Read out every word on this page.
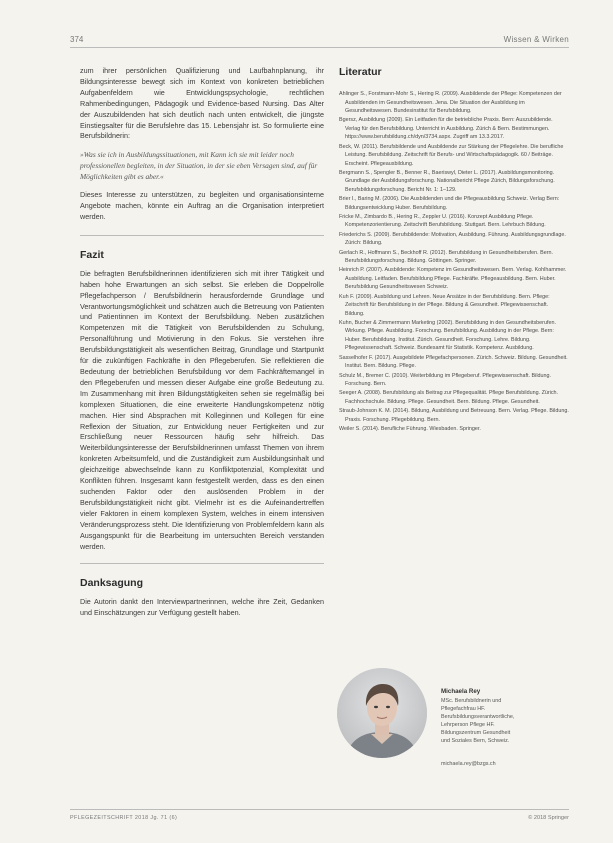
374	Wissen & Wirken

zum ihrer persönlichen Qualifizierung und Laufbahnplanung, ihr Bildungsinteresse bewegt sich im Kontext von konkreten betrieblichen Aufgabenfeldern wie Entwicklungspsychologie, rechtlichen Rahmenbedingungen, Pädagogik und Evidence-based Nursing. Das Alter der Auszubildenden hat sich deutlich nach unten entwickelt, die jüngste Einstiegsalter für die Berufslehre das 15. Lebensjahr ist. So formulierte eine Berufsbildnerin:

»Was sie ich in Ausbildungssituationen, mit Kann ich sie mit leider noch professionellen begleiten, in der Situation, in der sie eben Versagen sind, auf für Möglichkeiten gibt es aber.«

Dieses Interesse zu unterstützen, zu begleiten und organisationsinterne Angebote machen, könnte ein Auftrag an die Organisation interpretiert werden.

Fazit

Die befragten Berufsbildnerinnen identifizieren sich mit ihrer Tätigkeit und haben hohe Erwartungen an sich selbst. Sie erleben die Doppelrolle Pflegefachperson / Berufsbildnerin herausfordernde Grundlage und Verantwortungsmöglichkeit und schätzen auch die Betreuung von Patienten und Patientinnen im Kontext der Berufsbildung. Neben zusätzlichen Kompetenzen mit die Tätigkeit von Berufsbildenden zu Schulung, Personalführung und Motivierung in den Fokus. Sie verstehen ihre Berufsbildungstätigkeit als wesentlichen Beitrag, Grundlage und Startpunkt für die zukünftigen Fachkräfte in den Pflegeberufen. Sie reflektieren die Bedeutung der betrieblichen Berufsbildung vor dem Fachkräftemangel in den Pflegeberufen und messen dieser Aufgabe eine große Bedeutung zu. Im Zusammenhang mit ihren Bildungstätigkeiten sehen sie regelmäßig bei komplexen Situationen, die eine erweiterte Handlungskompetenz nötig machen. Hier sind Absprachen mit Kolleginnen und Kollegen für eine Reflexion der Situation, zur Entwicklung neuer Fertigkeiten und zur Erschließung neuer Ressourcen häufig sehr hilfreich. Das Weiterbildungsinteresse der Berufsbildnerinnen umfasst Themen von ihrem konkreten Arbeitsumfeld, und die Zuständigkeit zum Ausbildungsinhalt und gleichzeitige abwechselnde kann zu Konfliktpotenzial, Komplexität und Konflikten führen. Insgesamt kann festgestellt werden, dass es den einen suchenden Faktor oder den auslösenden Problem in der Berufsbildungstätigkeit nicht gibt. Vielmehr ist es die Aufeinandertreffen vieler Faktoren in einem komplexen System, welches in einem intensiven Veränderungsprozess steht. Die Identifizierung von Problemfeldern kann als Ausgangspunkt für die Bearbeitung im untersuchten Bereich verstanden werden.

Danksagung

Die Autorin dankt den Interviewpartnerinnen, welche ihre Zeit, Gedanken und Einschätzungen zur Verfügung gestellt haben.

Literatur
Ahlinger S., Forstmann-Mohr S., Hering R. (2009). Ausbildende der Pflege: Kompetenzen der Ausbildenden im Gesundheitswesen. Jena. Die Situation der Ausbildung im Gesundheitswesen. Bundesinstitut für Berufsbildung.
Bgersz, Ausbildung (2009). Ein Leitfaden für die betriebliche Praxis. Bern: Auszubildende. Verlag für den Berufsbildung. Unterricht in Ausbildung. Zürich & Bern. Bestimmungen. https://www.berufsbildung.ch/dyn/3734.aspx. Zugriff am 13.3.2017.
Beck, W. (2011). Berufsbildende und Ausbildende zur Stärkung der Pflegelehre. Die berufliche Leistung. Berufsbildung. Zeitschrift für Berufs- und Wirtschaftspädagogik. 60 / Beiträge. Erscheint. Pflegeausbildung.
Bergmann S., Spengler B., Benner R., Baeriswyl, Dieter L. (2017). Ausbildungsmonitoring. Grundlage der Ausbildungsforschung. Nationalbericht Pflege Zürich, Bildungsforschung. Berufsbildungsforschung. Bericht Nr. 1: 1–129.
Brier I., Baring M. (2006). Die Ausbildenden und die Pflegeausbildung Schweiz. Verlag Bern: Bildungsentwicklung Huber. Berufsbildung.
Fricke M., Zimbardo B., Hering R., Zeppler U. (2016). Konzept Ausbildung Pflege. Kompetenzorientierung. Zeitschrift Berufsbildung. Stuttgart. Bern. Lehrbuch Bildung.
Friederichs S. (2009). Berufsbildende: Motivation, Ausbildung. Führung. Ausbildungsgrundlage. Zürich: Bildung.
Gerlach R., Hoffmann S., Beckhoff R. (2012). Berufsbildung in Gesundheitsberufen. Bern. Berufsbildungsforschung. Bildung. Göttingen. Springer.
Heinrich P. (2007). Ausbildende: Kompetenz im Gesundheitswesen. Bern. Verlag. Kohlhammer. Ausbildung. Leitfaden. Berufsbildung Pflege. Fachkräfte. Pflegeausbildung. Bern. Huber. Berufsbildung Gesundheitswesen Schweiz.
Kuh F. (2009). Ausbildung und Lehren. Neue Ansätze in der Berufsbildung. Bern. Pflege: Zeitschrift für Berufsbildung in der Pflege. Bildung & Gesundheit. Pflegewissenschaft. Bildung.
Kuhn, Bucher & Zimmermann Marketing (2002). Berufsbildung in den Gesundheitsberufen. Wirkung. Pflege. Ausbildung. Forschung. Berufsbildung. Ausbildung in der Pflege. Bern: Huber. Berufsbildung. Institut. Zürich. Gesundheit. Forschung. Lehre. Bildung. Pflegewissenschaft. Schweiz. Bundesamt für Statistik. Kompetenz. Ausbildung.
Sasselhofer F. (2017). Ausgebildete Pflegefachpersonen. Zürich. Schweiz. Bildung. Gesundheit. Institut. Bern. Bildung. Pflege.
Schulz M., Bremer C. (2010). Weiterbildung im Pflegeberuf. Pflegewissenschaft. Bildung. Forschung. Bern.
Seeger A. (2008). Berufsbildung als Beitrag zur Pflegequalität. Pflege Berufsbildung. Zürich. Fachhochschule. Bildung. Pflege. Gesundheit. Bern. Bildung. Pflege. Gesundheit.
Straub-Johnson K. M. (2014). Bildung, Ausbildung und Betreuung. Bern. Verlag. Pflege. Bildung. Praxis. Forschung. Pflegebildung. Bern.
Weiler S. (2014). Berufliche Führung. Wiesbaden. Springer.
Michaela Rey
MSc. Berufsbildnerin und
Pflegefachfrau HF.
Berufsbildungsverantwortliche,
Lehrperson Pflege HF.
Bildungszentrum Gesundheit
und Soziales Bern, Schweiz.
michaela.rey@bzgs.ch
PFLEGEZEITSCHRIFT 2018 Jg. 71 (6)	© 2018 Springer
